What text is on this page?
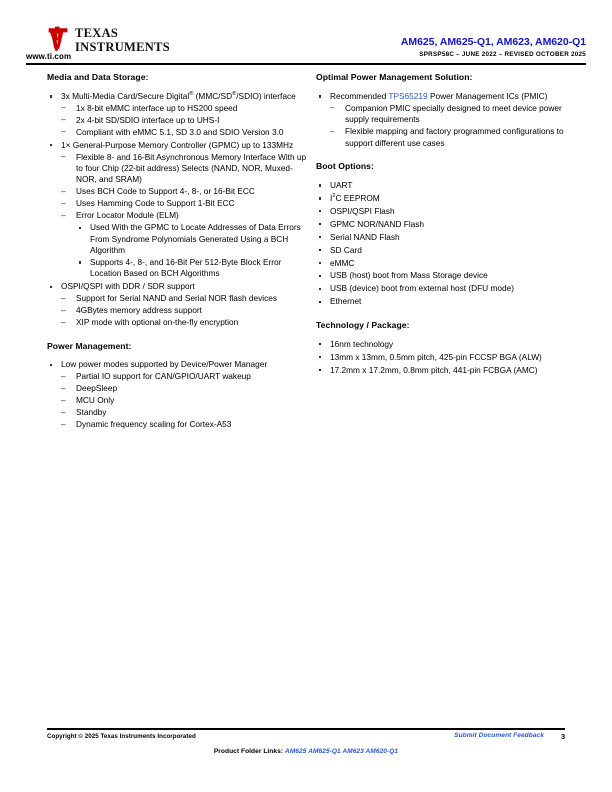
TEXAS
INSTRUMENTS
www.ti.com
AM625, AM625-Q1, AM623, AM620-Q1
SPRSP58C – JUNE 2022 – REVISED OCTOBER 2025
Media and Data Storage:
3x Multi-Media Card/Secure Digital® (MMC/SD®/SDIO) interface
– 1x 8-bit eMMC interface up to HS200 speed
– 2x 4-bit SD/SDIO interface up to UHS-I
– Compliant with eMMC 5.1, SD 3.0 and SDIO Version 3.0
1× General-Purpose Memory Controller (GPMC) up to 133MHz
– Flexible 8- and 16-Bit Asynchronous Memory Interface With up to four Chip (22-bit address) Selects (NAND, NOR, Muxed-NOR, and SRAM)
– Uses BCH Code to Support 4-, 8-, or 16-Bit ECC
– Uses Hamming Code to Support 1-Bit ECC
– Error Locator Module (ELM)
Used With the GPMC to Locate Addresses of Data Errors From Syndrome Polynomials Generated Using a BCH Algorithm
Supports 4-, 8-, and 16-Bit Per 512-Byte Block Error Location Based on BCH Algorithms
OSPI/QSPI with DDR / SDR support
– Support for Serial NAND and Serial NOR flash devices
– 4GBytes memory address support
– XIP mode with optional on-the-fly encryption
Power Management:
Low power modes supported by Device/Power Manager
– Partial IO support for CAN/GPIO/UART wakeup
– DeepSleep
– MCU Only
– Standby
– Dynamic frequency scaling for Cortex-A53
Optimal Power Management Solution:
Recommended TPS65219 Power Management ICs (PMIC)
– Companion PMIC specially designed to meet device power supply requirements
– Flexible mapping and factory programmed configurations to support different use cases
Boot Options:
UART
$I^2C$ EEPROM
OSPI/QSPI Flash
GPMC NOR/NAND Flash
Serial NAND Flash
SD Card
eMMC
USB (host) boot from Mass Storage device
USB (device) boot from external host (DFU mode)
Ethernet
Technology / Package:
16nm technology
13mm x 13mm, 0.5mm pitch, 425-pin FCCSP BGA (ALW)
17.2mm x 17.2mm, 0.8mm pitch, 441-pin FCBGA (AMC)
Copyright © 2025 Texas Instruments Incorporated	Submit Document Feedback 3
Product Folder Links: AM625 AM625-Q1 AM623 AM620-Q1
